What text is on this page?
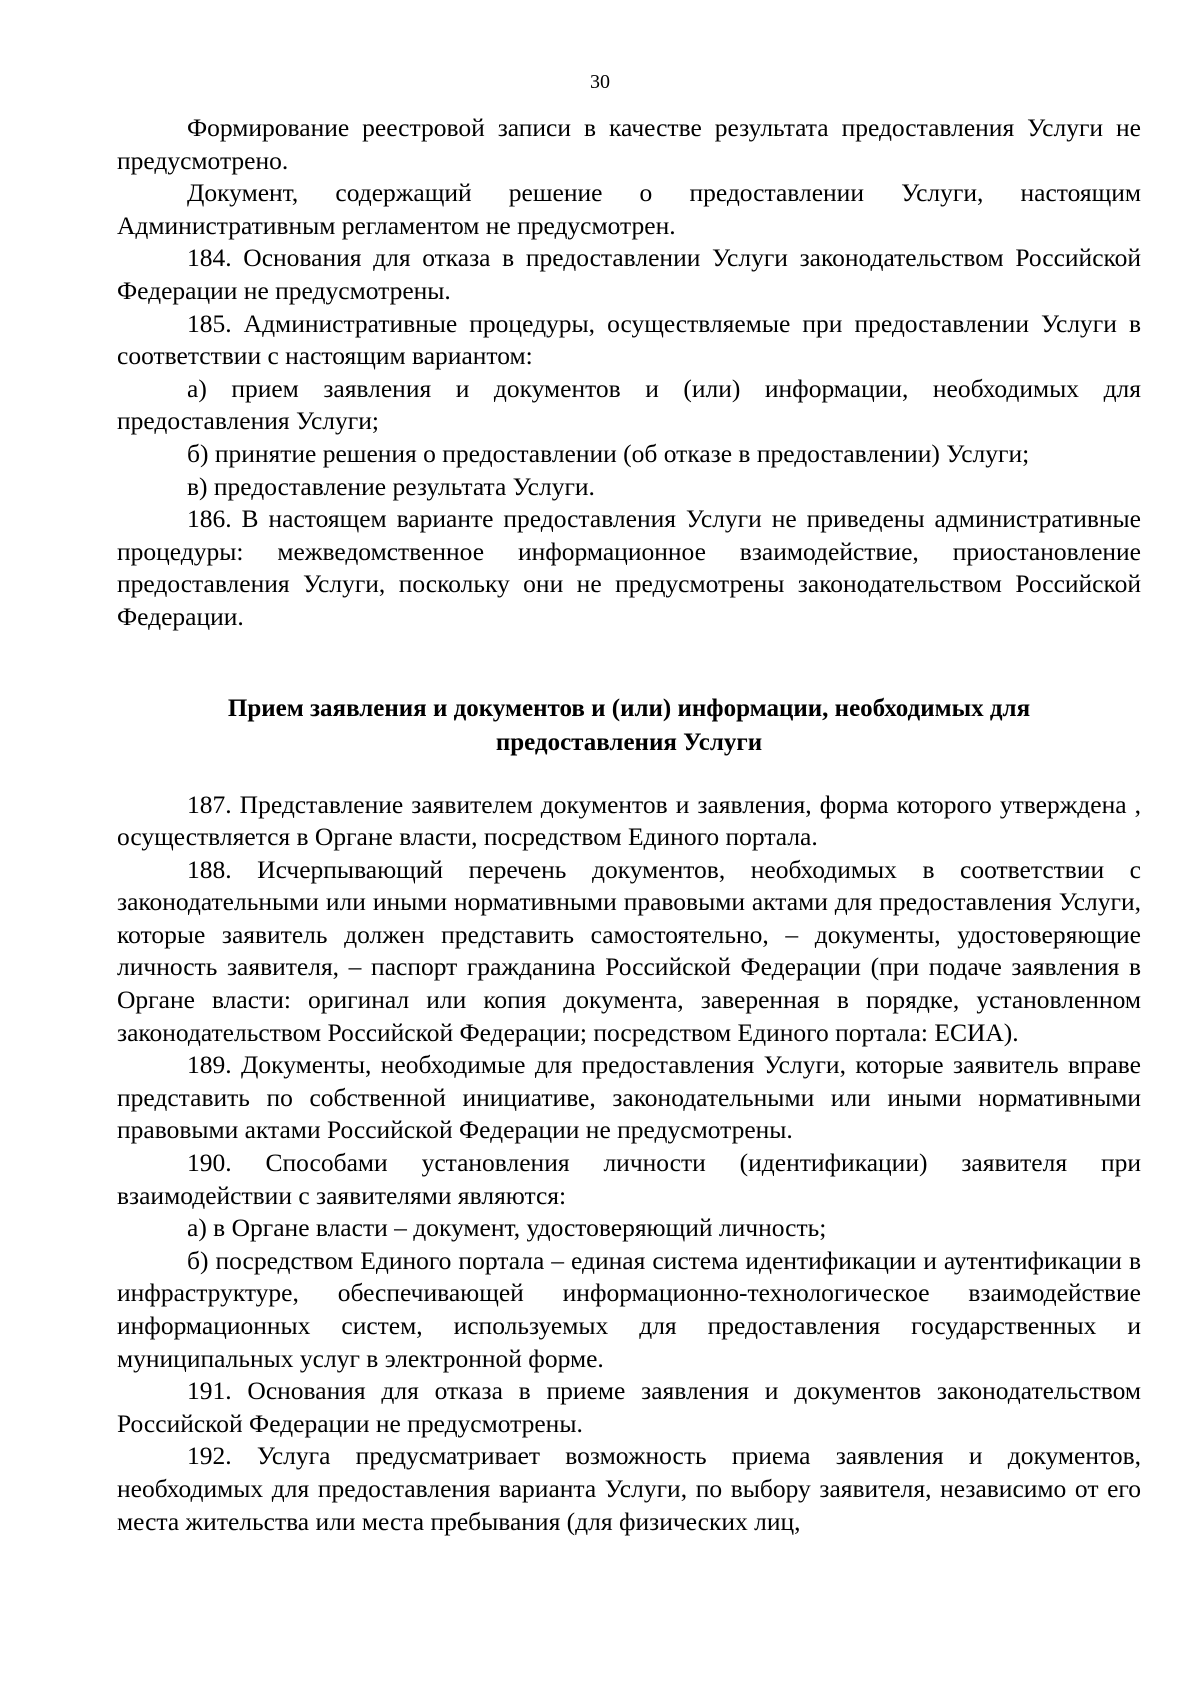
30

Формирование реестровой записи в качестве результата предоставления Услуги не предусмотрено.

Документ, содержащий решение о предоставлении Услуги, настоящим Административным регламентом не предусмотрен.

184. Основания для отказа в предоставлении Услуги законодательством Российской Федерации не предусмотрены.

185. Административные процедуры, осуществляемые при предоставлении Услуги в соответствии с настоящим вариантом:

а) прием заявления и документов и (или) информации, необходимых для предоставления Услуги;

б) принятие решения о предоставлении (об отказе в предоставлении) Услуги;

в) предоставление результата Услуги.

186. В настоящем варианте предоставления Услуги не приведены административные процедуры: межведомственное информационное взаимодействие, приостановление предоставления Услуги, поскольку они не предусмотрены законодательством Российской Федерации.

Прием заявления и документов и (или) информации, необходимых для предоставления Услуги

187. Представление заявителем документов и заявления, форма которого утверждена , осуществляется в Органе власти, посредством Единого портала.

188. Исчерпывающий перечень документов, необходимых в соответствии с законодательными или иными нормативными правовыми актами для предоставления Услуги, которые заявитель должен представить самостоятельно, – документы, удостоверяющие личность заявителя, – паспорт гражданина Российской Федерации (при подаче заявления в Органе власти: оригинал или копия документа, заверенная в порядке, установленном законодательством Российской Федерации; посредством Единого портала: ЕСИА).

189. Документы, необходимые для предоставления Услуги, которые заявитель вправе представить по собственной инициативе, законодательными или иными нормативными правовыми актами Российской Федерации не предусмотрены.

190. Способами установления личности (идентификации) заявителя при взаимодействии с заявителями являются:

а) в Органе власти – документ, удостоверяющий личность;

б) посредством Единого портала – единая система идентификации и аутентификации в инфраструктуре, обеспечивающей информационно-технологическое взаимодействие информационных систем, используемых для предоставления государственных и муниципальных услуг в электронной форме.

191. Основания для отказа в приеме заявления и документов законодательством Российской Федерации не предусмотрены.

192. Услуга предусматривает возможность приема заявления и документов, необходимых для предоставления варианта Услуги, по выбору заявителя, независимо от его места жительства или места пребывания (для физических лиц,
